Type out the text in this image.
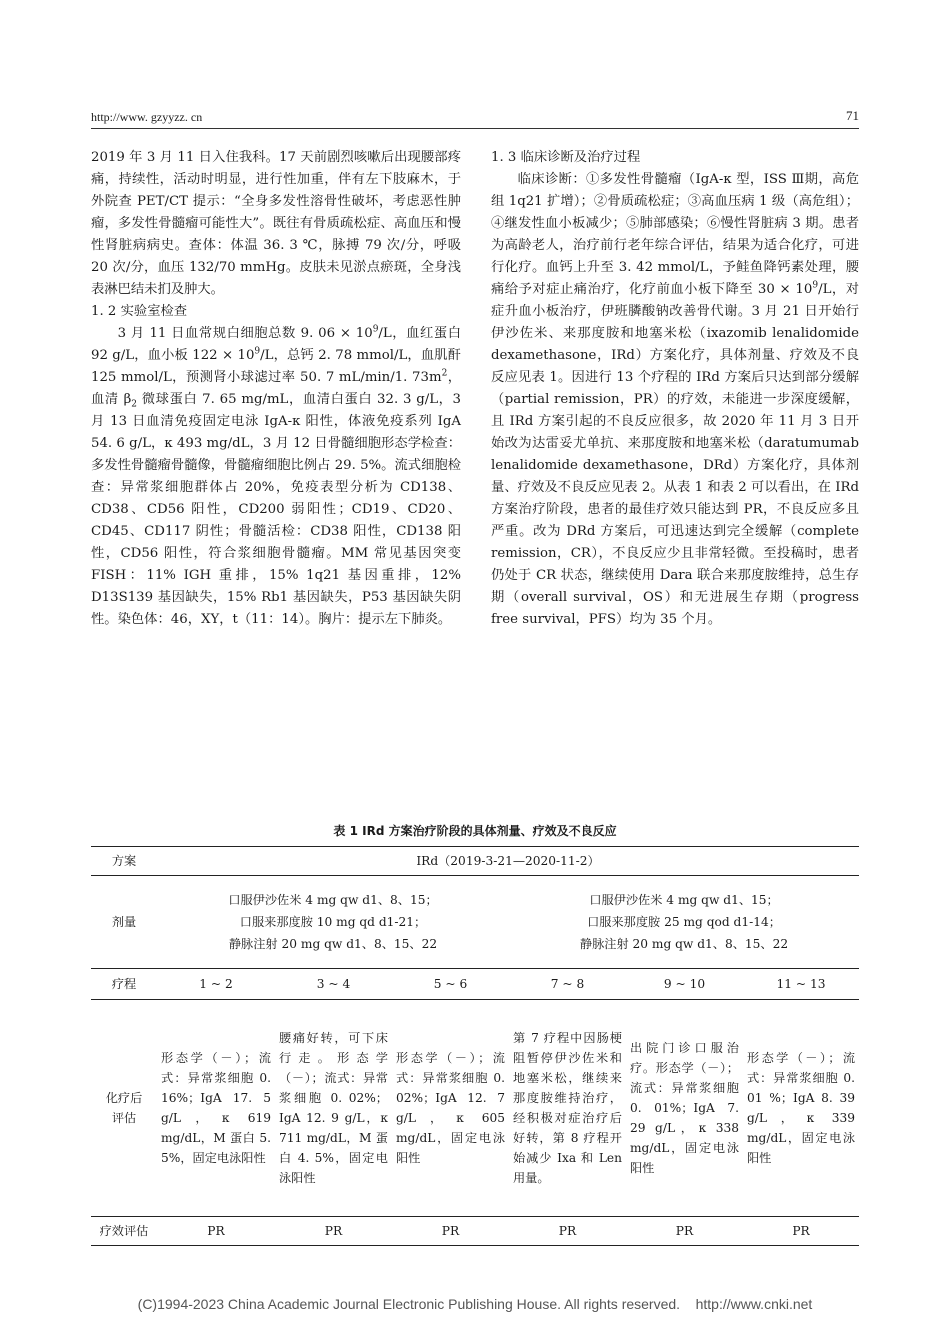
http://www. gzyyzz. cn	71

2019 年 3 月 11 日入住我科。17 天前剧烈咳嗽后出现腰部疼痛，持续性，活动时明显，进行性加重，伴有左下肢麻木，于外院查 PET/CT 提示：“全身多发性溶骨性破坏，考虑恶性肿瘤，多发性骨髓瘤可能性大”。既往有骨质疏松症、高血压和慢性肾脏病病史。查体：体温 36. 3 ℃，脉搏 79 次/分，呼吸 20 次/分，血压 132/70 mmHg。皮肤未见淤点瘀斑，全身浅表淋巴结未扪及肿大。

1. 2 实验室检查

3 月 11 日血常规白细胞总数 9. $06 \times 10^9/L$，血红蛋白 92 g/L，血小板 $122 \times 10^9/L$，总钙 2. 78 mmol/L，血肌酐 125 mmol/L，预测肾小球滤过率 50. 7 mL/min/1. $73m^2$，血清 $\beta_2$ 微球蛋白 7. 65 mg/mL，血清白蛋白 32. 3 g/L，3 月 13 日血清免疫固定电泳 IgA-κ 阳性，体液免疫系列 IgA 54. 6 g/L，κ 493 mg/dL，3 月 12 日骨髓细胞形态学检查：多发性骨髓瘤骨髓像，骨髓瘤细胞比例占 29. 5%。流式细胞检查：异常浆细胞群体占 20%，免疫表型分析为 CD138、CD38、CD56 阳性，CD200 弱阳性；CD19、CD20、CD45、CD117 阴性；骨髓活检：CD38 阳性，CD138 阳性，CD56 阳性，符合浆细胞骨髓瘤。MM 常见基因突变 FISH：11% IGH 重排，15% 1q21 基因重排，12% D13S139 基因缺失，15% Rb1 基因缺失，P53 基因缺失阴性。染色体：46，XY，t（11：14）。胸片：提示左下肺炎。

1. 3 临床诊断及治疗过程

临床诊断：①多发性骨髓瘤（IgA-κ 型，ISS Ⅲ期，高危组 1q21 扩增）；②骨质疏松症；③高血压病 1 级（高危组）；④继发性血小板减少；⑤肺部感染；⑥慢性肾脏病 3 期。患者为高龄老人，治疗前行老年综合评估，结果为适合化疗，可进行化疗。血钙上升至 3. 42 mmol/L，予鲑鱼降钙素处理，腰痛给予对症止痛治疗，化疗前血小板下降至 $30 \times 10^9/L$，对症升血小板治疗，伊班膦酸钠改善骨代谢。3 月 21 日开始行伊沙佐米、来那度胺和地塞米松（ixazomib lenalidomide dexamethasone，IRd）方案化疗，具体剂量、疗效及不良反应见表 1。因进行 13 个疗程的 IRd 方案后只达到部分缓解（partial remission，PR）的疗效，未能进一步深度缓解，且 IRd 方案引起的不良反应很多，故 2020 年 11 月 3 日开始改为达雷妥尤单抗、来那度胺和地塞米松（daratumumab lenalidomide dexamethasone，DRd）方案化疗，具体剂量、疗效及不良反应见表 2。从表 1 和表 2 可以看出，在 IRd 方案治疗阶段，患者的最佳疗效只能达到 PR，不良反应多且严重。改为 DRd 方案后，可迅速达到完全缓解（complete remission，CR），不良反应少且非常轻微。至投稿时，患者仍处于 CR 状态，继续使用 Dara 联合来那度胺维持，总生存期（overall survival，OS）和无进展生存期（progress free survival，PFS）均为 35 个月。

表 1 IRd 方案治疗阶段的具体剂量、疗效及不良反应
方案	IRd（2019-3-21—2020-11-2）					
剂量	口服伊沙佐米 4 mg qw d1、8、15；
口服来那度胺 10 mg qd d1-21；
静脉注射 20 mg qw d1、8、15、22			口服伊沙佐米 4 mg qw d1、15；
口服来那度胺 25 mg qod d1-14；
静脉注射 20 mg qw d1、8、15、22		
疗程	1 ~ 2	3 ~ 4	5 ~ 6	7 ~ 8	9 ~ 10	11 ~ 13
化疗后
评估	形态学（－）；流式：异常浆细胞 0. 16%；IgA 17. 5 g/L，κ 619 mg/dL，M 蛋白 5. 5%，固定电泳阳性	腰痛好转，可下床行走。形态学（－）；流式：异常浆细胞 0. 02%；IgA 12. 9 g/L，κ 711 mg/dL，M 蛋白 4. 5%，固定电泳阳性	形态学（－）；流式：异常浆细胞 0. 02%；IgA 12. 7 g/L，κ 605 mg/dL，固定电泳阳性	第 7 疗程中因肠梗阻暂停伊沙佐米和地塞米松，继续来那度胺维持治疗，经积极对症治疗后好转，第 8 疗程开始减少 Ixa 和 Len 用量。	出院门诊口服治疗。形态学（－）；流式：异常浆细胞 0. 01%；IgA 7. 29 g/L，κ 338 mg/dL，固定电泳阳性	形态学（－）；流式：异常浆细胞 0. 01 %；IgA 8. 39 g/L，κ 339 mg/dL，固定电泳阳性
疗效评估	PR	PR	PR	PR	PR	PR
(C)1994-2023 China Academic Journal Electronic Publishing House. All rights reserved.    http://www.cnki.net
